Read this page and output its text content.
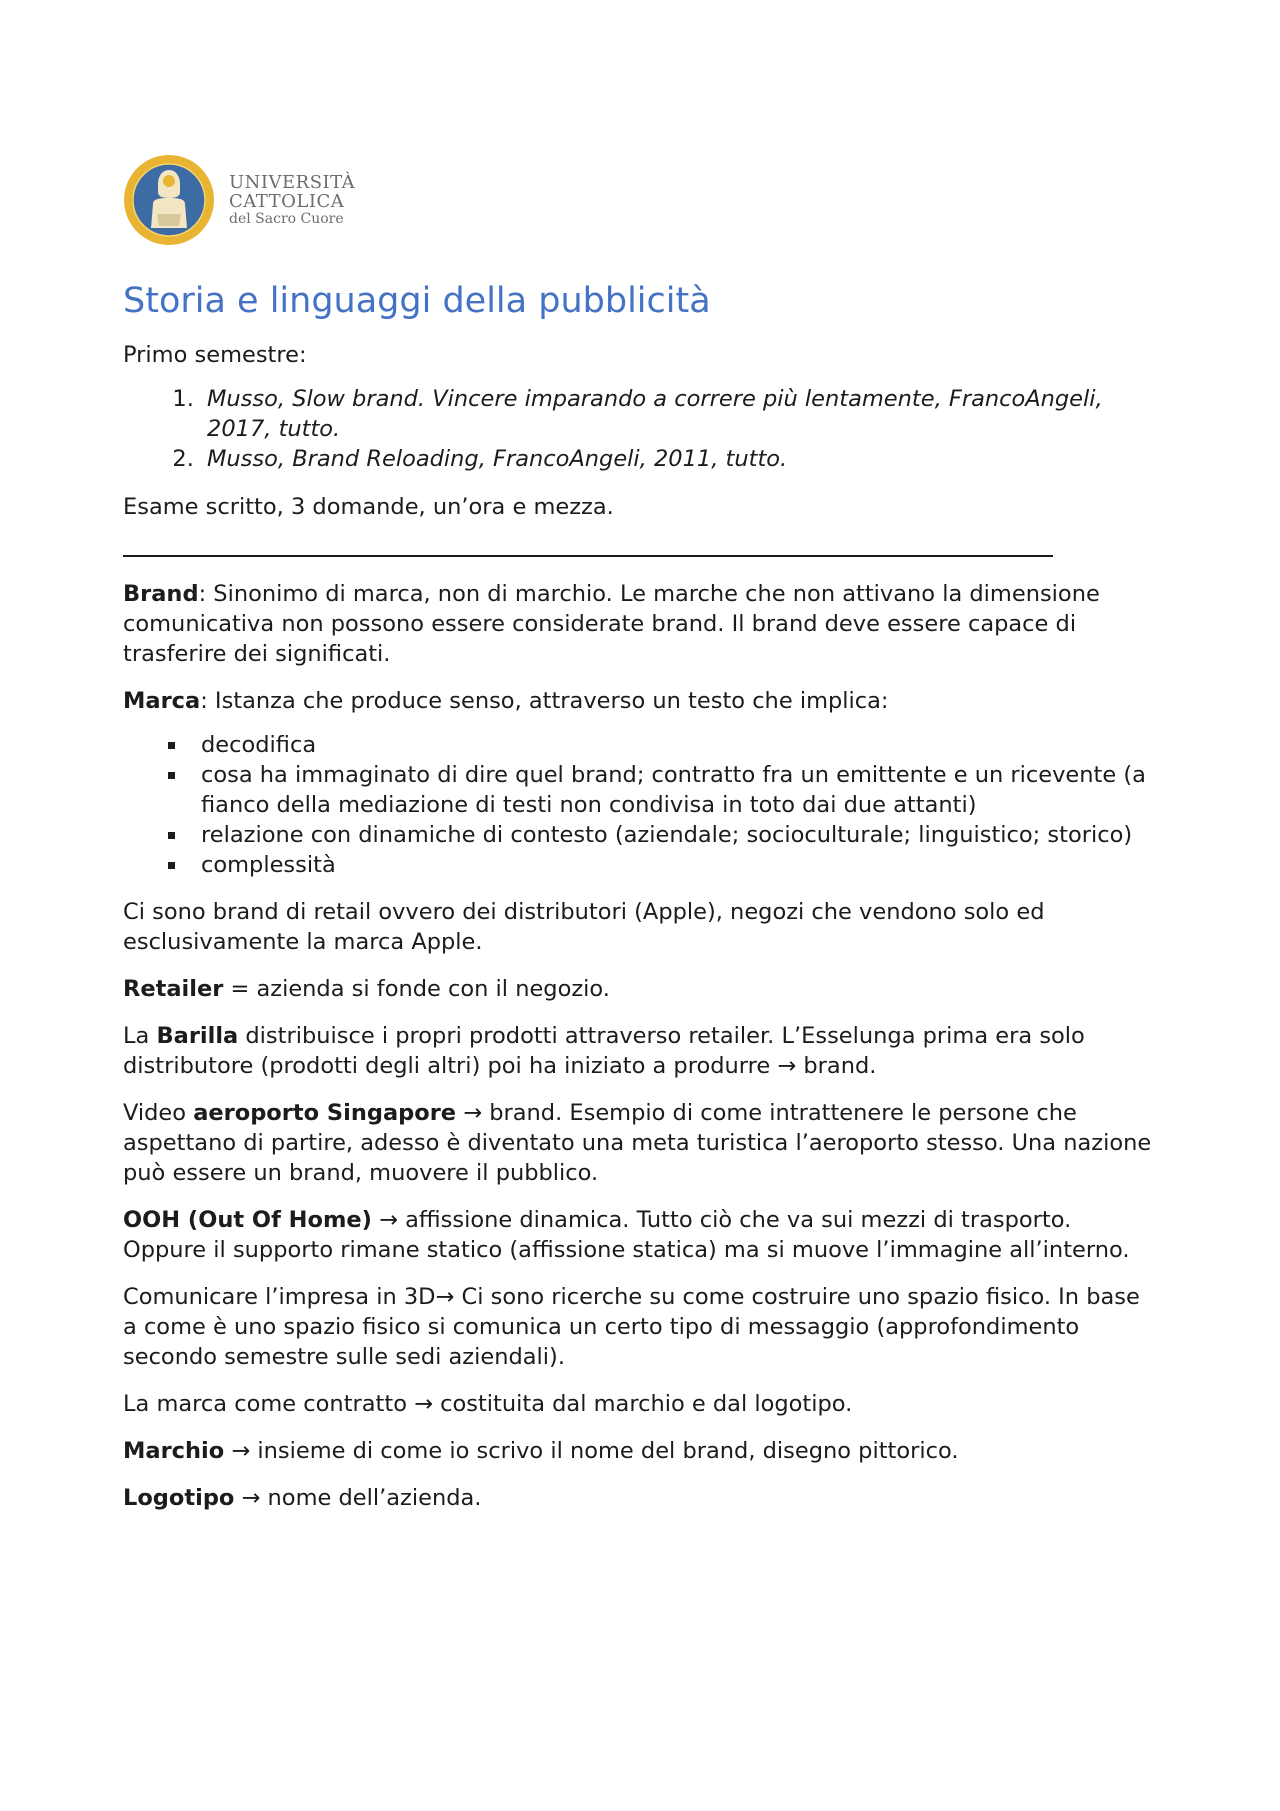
UNIVERSITÀ
CATTOLICA
del Sacro Cuore
Storia e linguaggi della pubblicità

Primo semestre:

1. Musso, Slow brand. Vincere imparando a correre più lentamente, FrancoAngeli, 2017, tutto.
2. Musso, Brand Reloading, FrancoAngeli, 2011, tutto.

Esame scritto, 3 domande, un’ora e mezza.

Brand: Sinonimo di marca, non di marchio. Le marche che non attivano la dimensione comunicativa non possono essere considerate brand. Il brand deve essere capace di trasferire dei significati.

Marca: Istanza che produce senso, attraverso un testo che implica:

decodifica
cosa ha immaginato di dire quel brand; contratto fra un emittente e un ricevente (a fianco della mediazione di testi non condivisa in toto dai due attanti)
relazione con dinamiche di contesto (aziendale; socioculturale; linguistico; storico)
complessità

Ci sono brand di retail ovvero dei distributori (Apple), negozi che vendono solo ed esclusivamente la marca Apple.

Retailer = azienda si fonde con il negozio.

La Barilla distribuisce i propri prodotti attraverso retailer. L’Esselunga prima era solo distributore (prodotti degli altri) poi ha iniziato a produrre → brand.

Video aeroporto Singapore → brand. Esempio di come intrattenere le persone che aspettano di partire, adesso è diventato una meta turistica l’aeroporto stesso. Una nazione può essere un brand, muovere il pubblico.

OOH (Out Of Home) → affissione dinamica. Tutto ciò che va sui mezzi di trasporto. Oppure il supporto rimane statico (affissione statica) ma si muove l’immagine all’interno.

Comunicare l’impresa in 3D→ Ci sono ricerche su come costruire uno spazio fisico. In base a come è uno spazio fisico si comunica un certo tipo di messaggio (approfondimento secondo semestre sulle sedi aziendali).

La marca come contratto → costituita dal marchio e dal logotipo.

Marchio → insieme di come io scrivo il nome del brand, disegno pittorico.

Logotipo → nome dell’azienda.
